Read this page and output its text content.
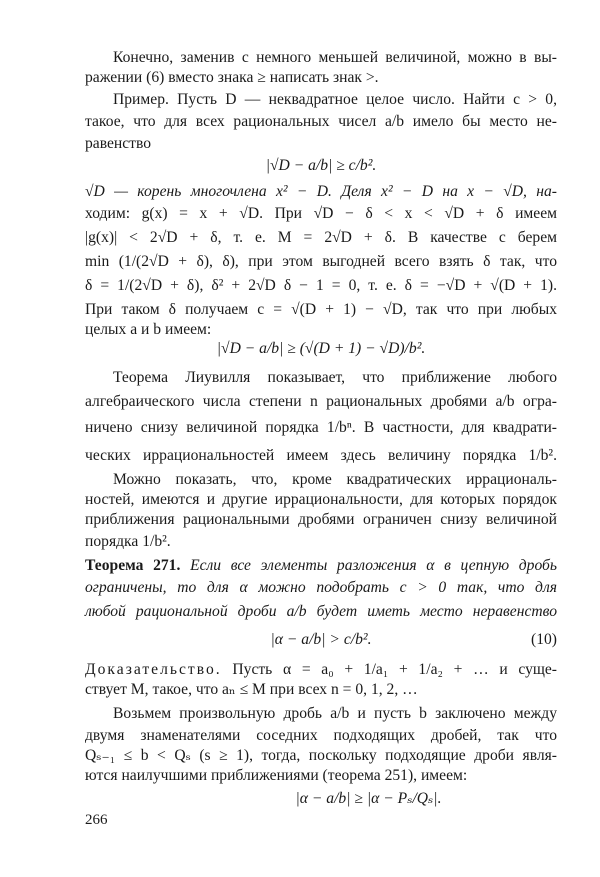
Конечно, заменив c немного меньшей величиной, можно в вы-
ражении (6) вместо знака ≥ написать знак >.
Пример. Пусть D — неквадратное целое число. Найти c > 0,
такое, что для всех рациональных чисел a/b имело бы место не-
равенство
|√D − a/b| ≥ c/b².
√D — корень многочлена x² − D. Деля x² − D на x − √D, на-
ходим: g(x) = x + √D. При √D − δ < x < √D + δ имеем
|g(x)| < 2√D + δ, т. е. M = 2√D + δ. В качестве c берем
min (1/(2√D + δ), δ), при этом выгодней всего взять δ так, что
δ = 1/(2√D + δ), δ² + 2√D δ − 1 = 0, т. е. δ = −√D + √(D + 1).
При таком δ получаем c = √(D + 1) − √D, так что при любых
целых a и b имеем:
|√D − a/b| ≥ (√(D + 1) − √D)/b².
Теорема Лиувилля показывает, что приближение любого
алгебраического числа степени n рациональных дробями a/b огра-
ничено снизу величиной порядка 1/bⁿ. В частности, для квадрати-
ческих иррациональностей имеем здесь величину порядка 1/b².
Можно показать, что, кроме квадратических иррациональ-
ностей, имеются и другие иррациональности, для которых порядок
приближения рациональными дробями ограничен снизу величиной
порядка 1/b².
Теорема 271. Если все элементы разложения α в цепную дробь
ограничены, то для α можно подобрать c > 0 так, что для
любой рациональной дроби a/b будет иметь место неравенство
|α − a/b| > c/b².	(10)
Доказательство. Пусть α = a₀ + 1/a₁ + 1/a₂ + … и суще-
ствует M, такое, что aₙ ≤ M при всех n = 0, 1, 2, …
Возьмем произвольную дробь a/b и пусть b заключено между
двумя знаменателями соседних подходящих дробей, так что
Qₛ₋₁ ≤ b < Qₛ (s ≥ 1), тогда, поскольку подходящие дроби явля-
ются наилучшими приближениями (теорема 251), имеем:
|α − a/b| ≥ |α − Pₛ/Qₛ|.
266
